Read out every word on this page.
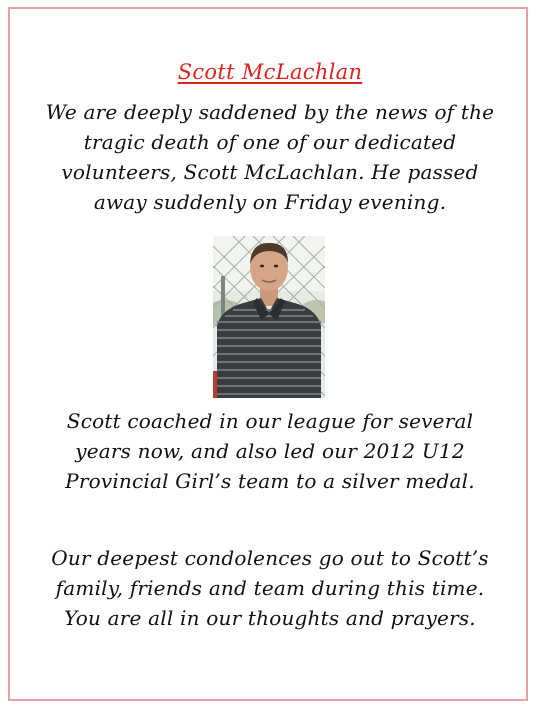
Scott McLachlan
We are deeply saddened by the news of the
tragic death of one of our dedicated
volunteers, Scott McLachlan. He passed
away suddenly on Friday evening.
Scott coached in our league for several
years now, and also led our 2012 U12
Provincial Girl’s team to a silver medal.
Our deepest condolences go out to Scott’s
family, friends and team during this time.
You are all in our thoughts and prayers.
